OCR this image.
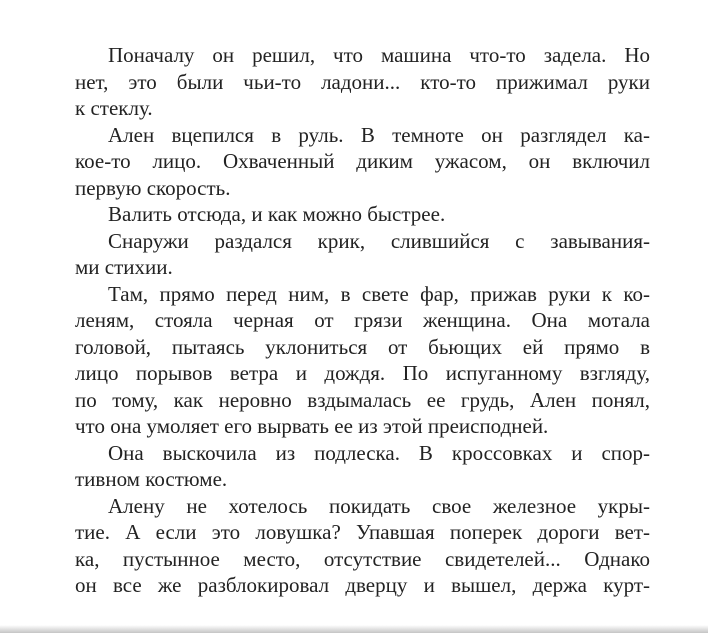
Поначалу он решил, что машина что-то задела. Но
нет, это были чьи-то ладони... кто-то прижимал руки
к стеклу.

Ален вцепился в руль. В темноте он разглядел ка-
кое-то лицо. Охваченный диким ужасом, он включил
первую скорость.

Валить отсюда, и как можно быстрее.

Снаружи раздался крик, слившийся с завывания-
ми стихии.

Там, прямо перед ним, в свете фар, прижав руки к ко-
леням, стояла черная от грязи женщина. Она мотала
головой, пытаясь уклониться от бьющих ей прямо в
лицо порывов ветра и дождя. По испуганному взгляду,
по тому, как неровно вздымалась ее грудь, Ален понял,
что она умоляет его вырвать ее из этой преисподней.

Она выскочила из подлеска. В кроссовках и спор-
тивном костюме.

Алену не хотелось покидать свое железное укры-
тие. А если это ловушка? Упавшая поперек дороги вет-
ка, пустынное место, отсутствие свидетелей... Однако
он все же разблокировал дверцу и вышел, держа курт-
